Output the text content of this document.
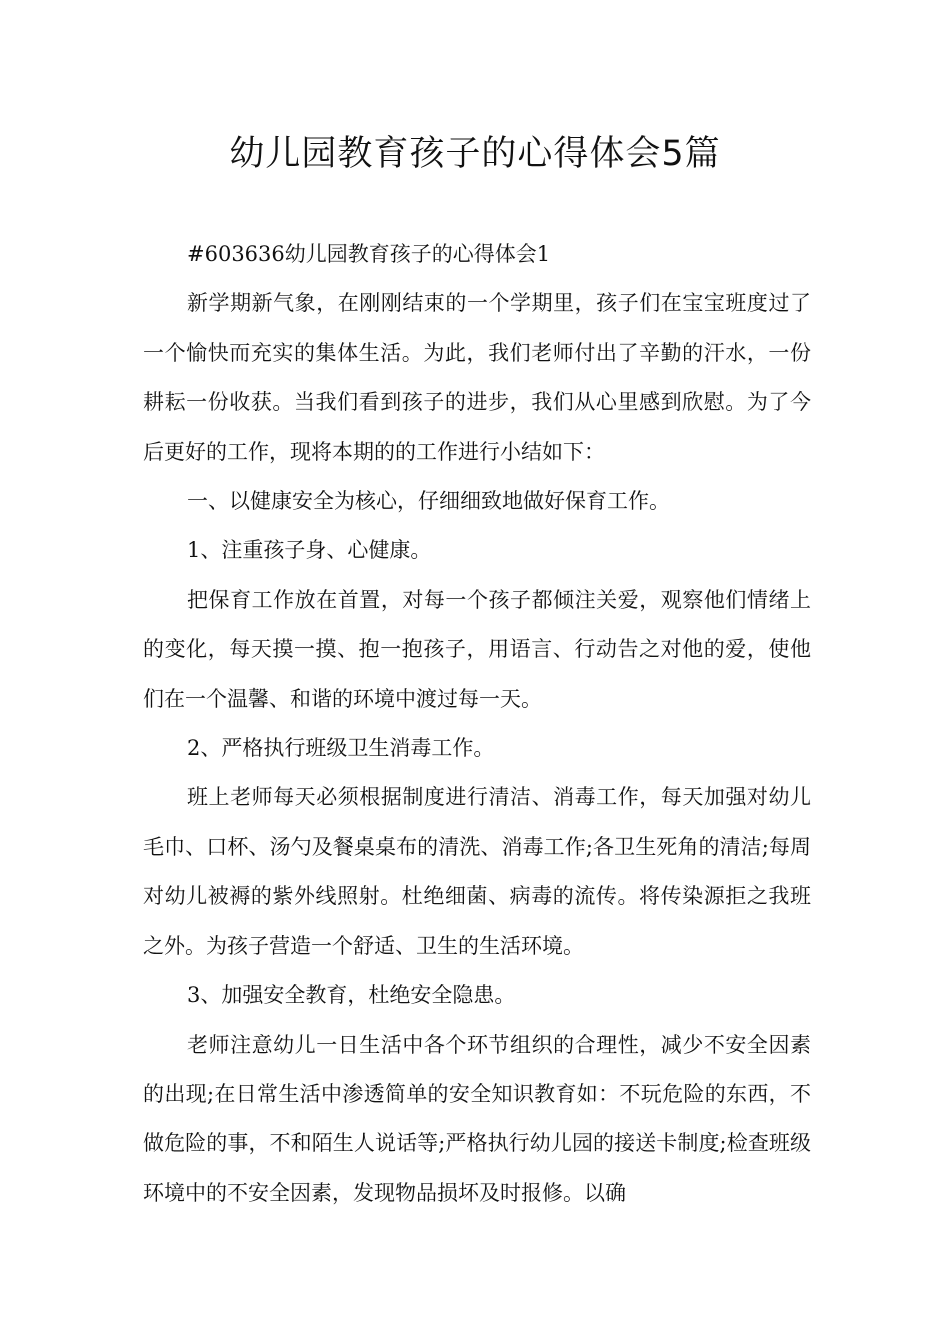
幼儿园教育孩子的心得体会5篇

#603636幼儿园教育孩子的心得体会1

新学期新气象，在刚刚结束的一个学期里，孩子们在宝宝班度过了一个愉快而充实的集体生活。为此，我们老师付出了辛勤的汗水，一份耕耘一份收获。当我们看到孩子的进步，我们从心里感到欣慰。为了今后更好的工作，现将本期的的工作进行小结如下：

一、以健康安全为核心，仔细细致地做好保育工作。

1、注重孩子身、心健康。

把保育工作放在首置，对每一个孩子都倾注关爱，观察他们情绪上的变化，每天摸一摸、抱一抱孩子，用语言、行动告之对他的爱，使他们在一个温馨、和谐的环境中渡过每一天。

2、严格执行班级卫生消毒工作。

班上老师每天必须根据制度进行清洁、消毒工作，每天加强对幼儿毛巾、口杯、汤勺及餐桌桌布的清洗、消毒工作;各卫生死角的清洁;每周对幼儿被褥的紫外线照射。杜绝细菌、病毒的流传。将传染源拒之我班之外。为孩子营造一个舒适、卫生的生活环境。

3、加强安全教育，杜绝安全隐患。

老师注意幼儿一日生活中各个环节组织的合理性，减少不安全因素的出现;在日常生活中渗透简单的安全知识教育如：不玩危险的东西，不做危险的事，不和陌生人说话等;严格执行幼儿园的接送卡制度;检查班级环境中的不安全因素，发现物品损坏及时报修。以确
